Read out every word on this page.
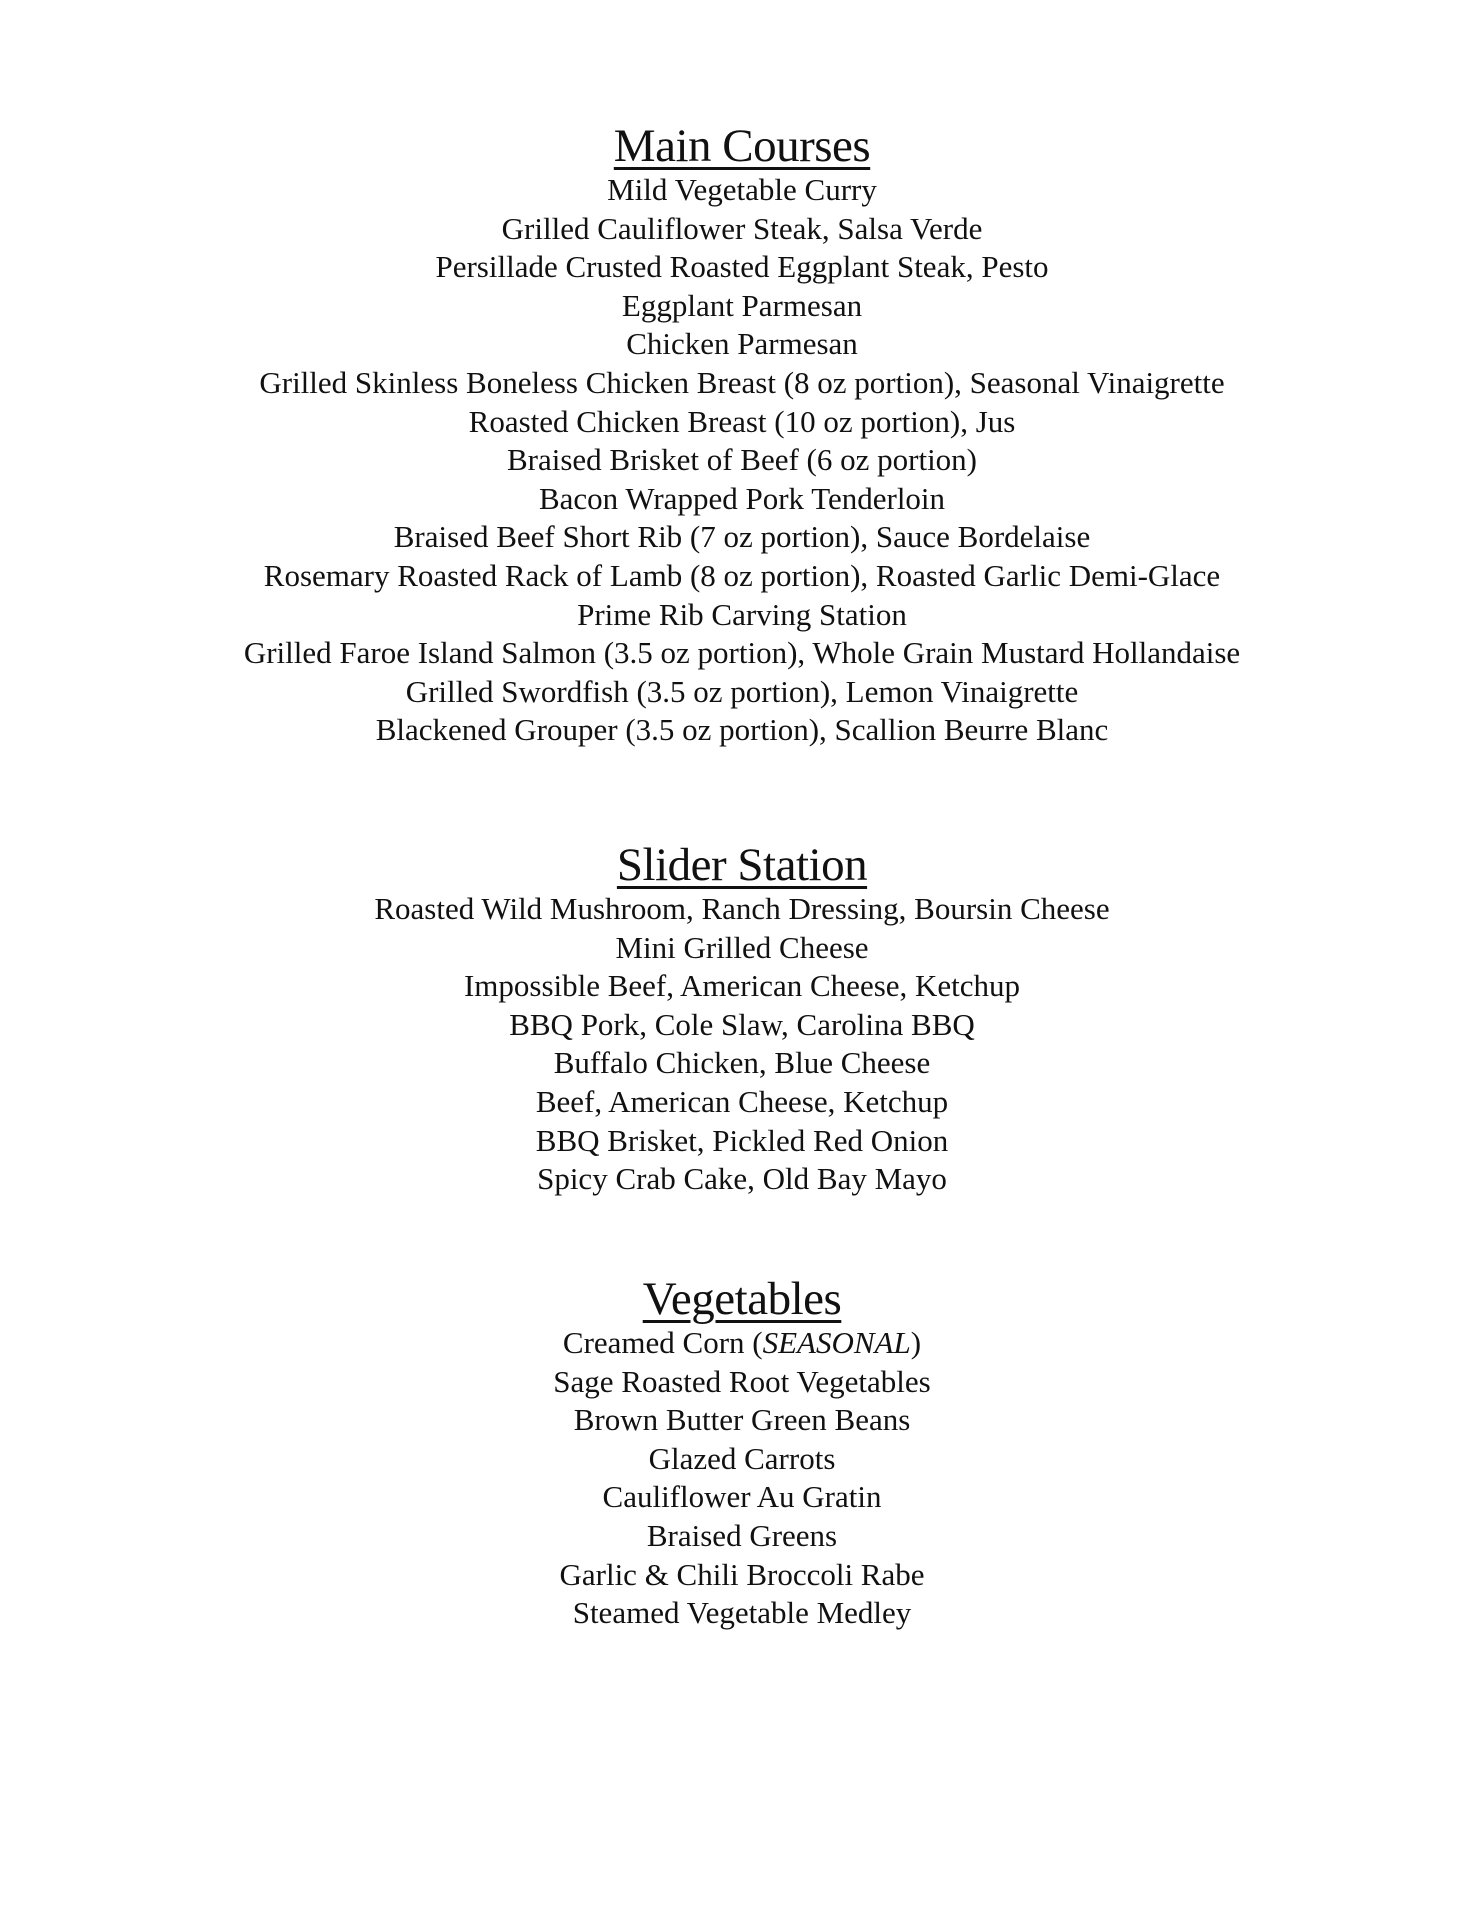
Main Courses
Mild Vegetable Curry
Grilled Cauliflower Steak, Salsa Verde
Persillade Crusted Roasted Eggplant Steak, Pesto
Eggplant Parmesan
Chicken Parmesan
Grilled Skinless Boneless Chicken Breast (8 oz portion), Seasonal Vinaigrette
Roasted Chicken Breast (10 oz portion), Jus
Braised Brisket of Beef (6 oz portion)
Bacon Wrapped Pork Tenderloin
Braised Beef Short Rib (7 oz portion), Sauce Bordelaise
Rosemary Roasted Rack of Lamb (8 oz portion), Roasted Garlic Demi-Glace
Prime Rib Carving Station
Grilled Faroe Island Salmon (3.5 oz portion), Whole Grain Mustard Hollandaise
Grilled Swordfish (3.5 oz portion), Lemon Vinaigrette
Blackened Grouper (3.5 oz portion), Scallion Beurre Blanc
Slider Station
Roasted Wild Mushroom, Ranch Dressing, Boursin Cheese
Mini Grilled Cheese
Impossible Beef, American Cheese, Ketchup
BBQ Pork, Cole Slaw, Carolina BBQ
Buffalo Chicken, Blue Cheese
Beef, American Cheese, Ketchup
BBQ Brisket, Pickled Red Onion
Spicy Crab Cake, Old Bay Mayo
Vegetables
Creamed Corn (SEASONAL)
Sage Roasted Root Vegetables
Brown Butter Green Beans
Glazed Carrots
Cauliflower Au Gratin
Braised Greens
Garlic & Chili Broccoli Rabe
Steamed Vegetable Medley
